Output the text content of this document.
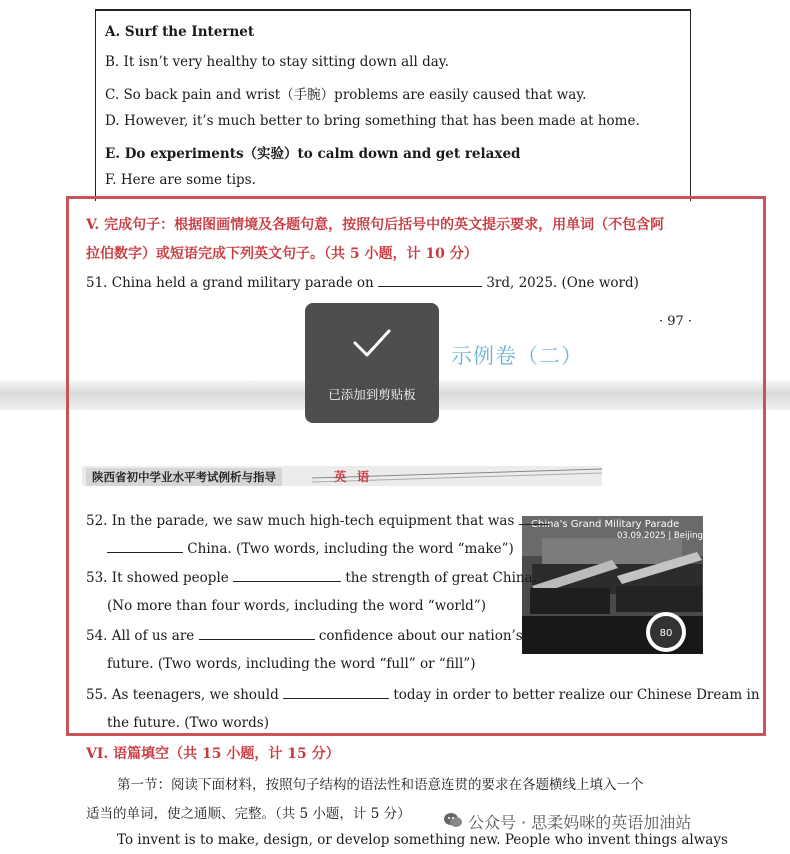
A. Surf the Internet
B. It isn’t very healthy to stay sitting down all day.
C. So back pain and wrist（手腕）problems are easily caused that way.
D. However, it’s much better to bring something that has been made at home.
E. Do experiments（实验）to calm down and get relaxed
F. Here are some tips.
V. 完成句子：根据图画情境及各题句意，按照句后括号中的英文提示要求，用单词（不包含阿
拉伯数字）或短语完成下列英文句子。（共 5 小题，计 10 分）
51. China held a grand military parade on	3rd, 2025. (One word)
· 97 ·
示例卷（二）
陕西省初中学业水平考试例析与指导	英 语
80
China's Grand Military Parade
03.09.2025 | Beijing
52. In the parade, we saw much high-tech equipment that was
China. (Two words, including the word “make”)
53. It showed people	the strength of great China.
(No more than four words, including the word “world”)
54. All of us are	confidence about our nation’s
future. (Two words, including the word “full” or “fill”)
55. As teenagers, we should	today in order to better realize our Chinese Dream in
the future. (Two words)
VI. 语篇填空（共 15 小题，计 15 分）
第一节：阅读下面材料，按照句子结构的语法性和语意连贯的要求在各题横线上填入一个
适当的单词，使之通顺、完整。（共 5 小题，计 5 分）
To invent is to make, design, or develop something new. People who invent things always
公众号 · 思柔妈咪的英语加油站
已添加到剪贴板
